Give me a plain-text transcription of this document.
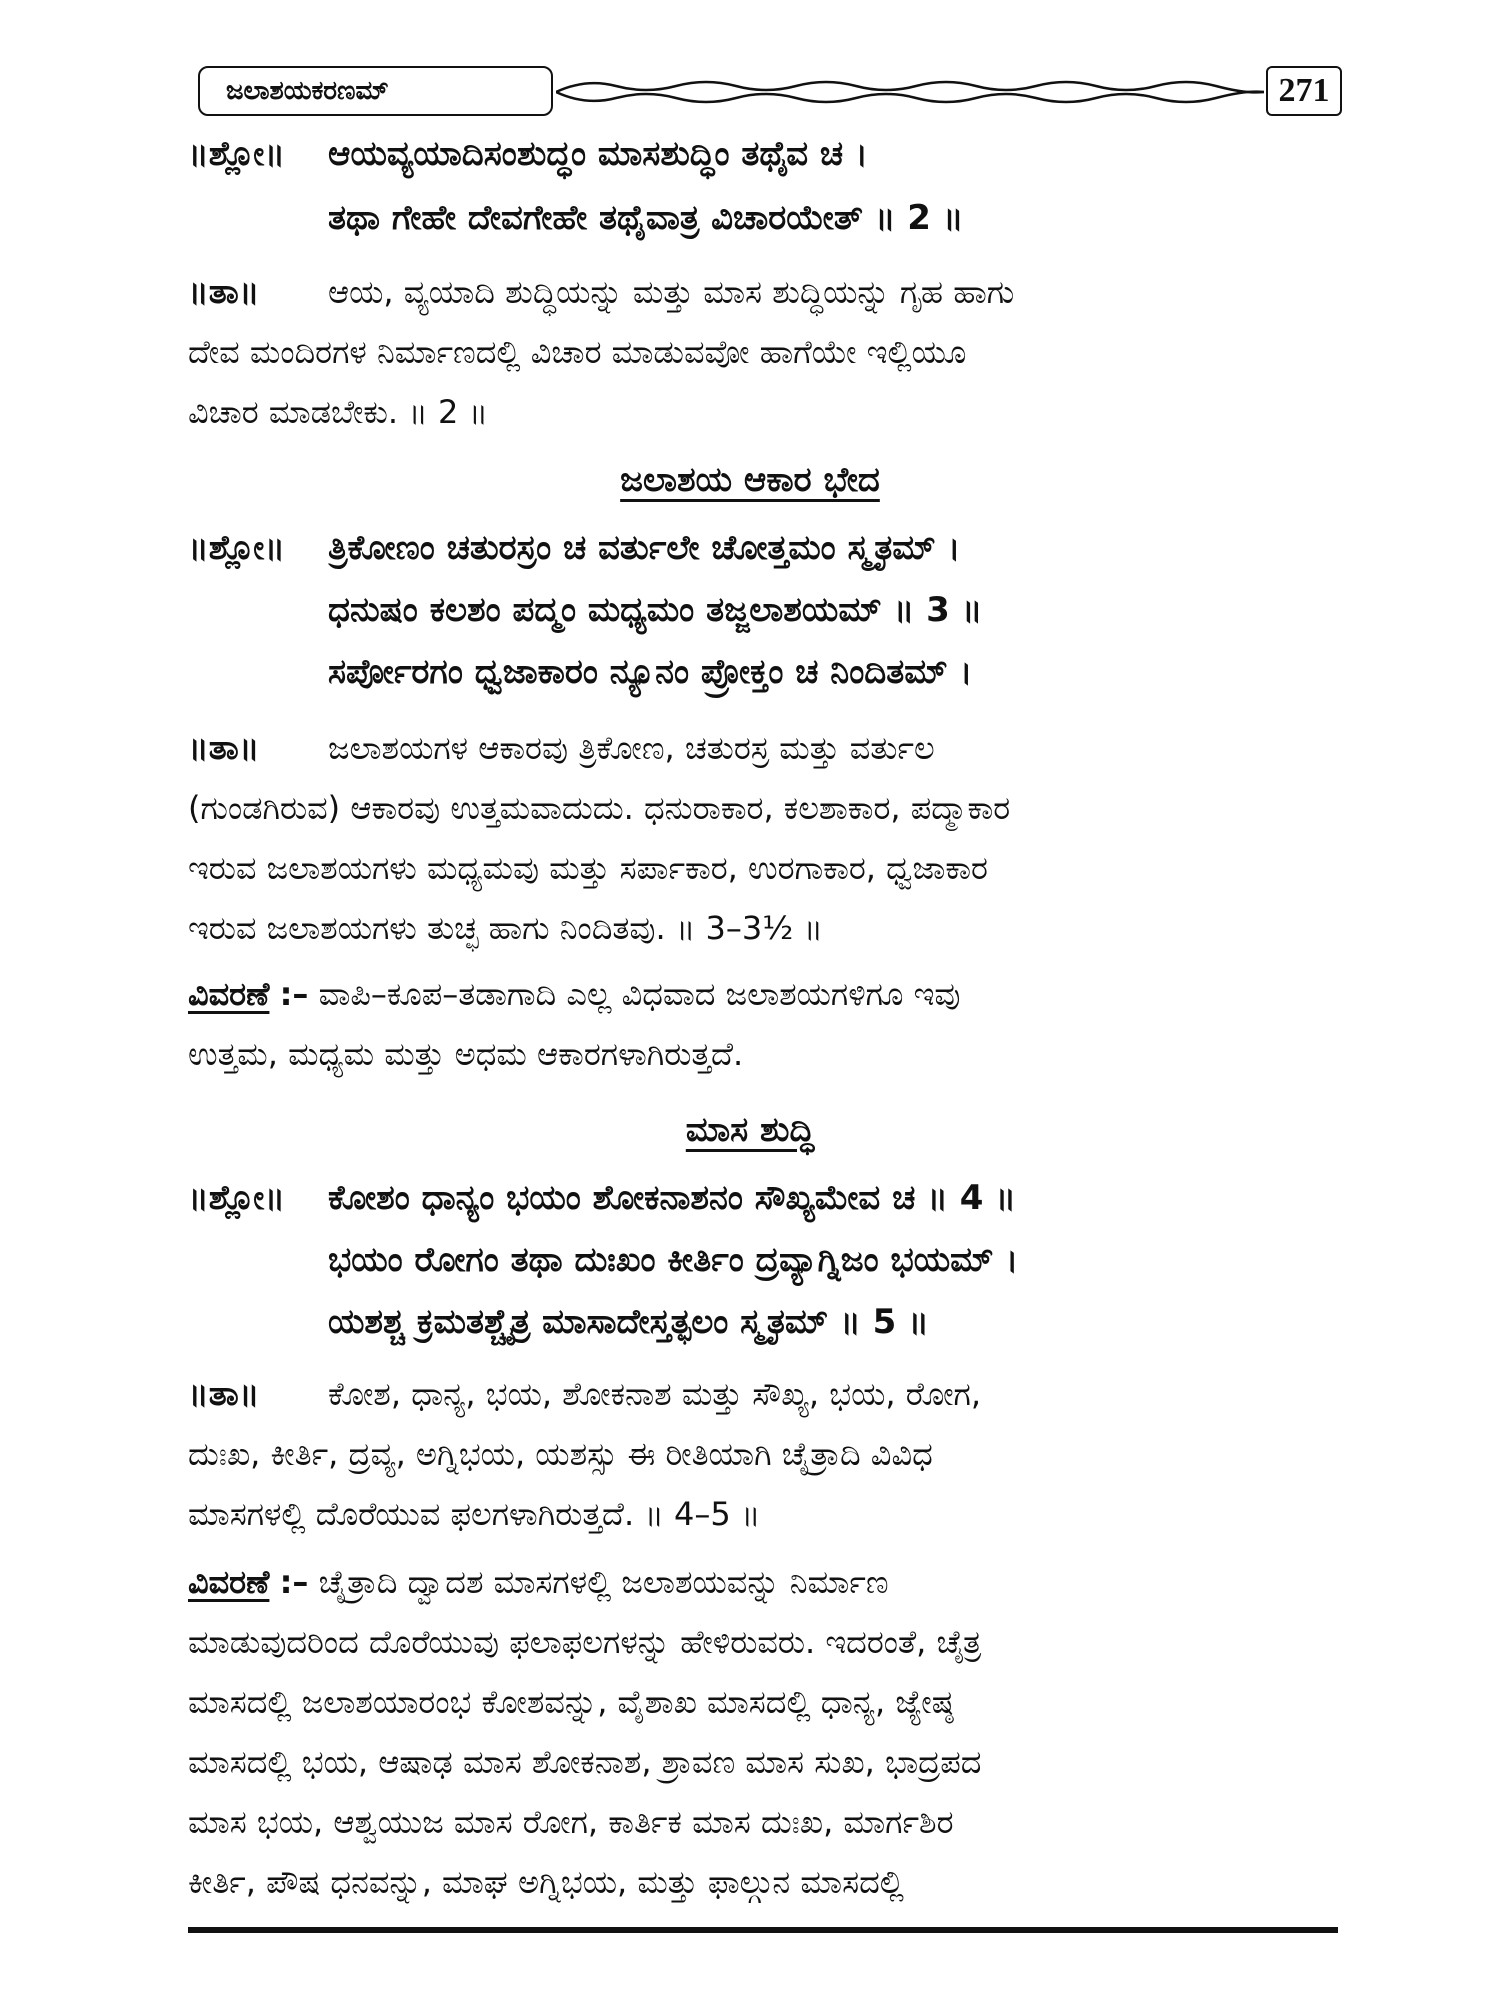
ಜಲಾಶಯಕರಣಮ್	271
॥ಶ್ಲೋ॥ ಆಯವ್ಯಯಾದಿಸಂಶುದ್ಧಂ ಮಾಸಶುದ್ಧಿಂ ತಥೈವ ಚ ।
ತಥಾ ಗೇಹೇ ದೇವಗೇಹೇ ತಥೈವಾತ್ರ ವಿಚಾರಯೇತ್ ॥ 2 ॥
॥ತಾ॥ ಆಯ, ವ್ಯಯಾದಿ ಶುದ್ಧಿಯನ್ನು ಮತ್ತು ಮಾಸ ಶುದ್ಧಿಯನ್ನು ಗೃಹ ಹಾಗು
ದೇವ ಮಂದಿರಗಳ ನಿರ್ಮಾಣದಲ್ಲಿ ವಿಚಾರ ಮಾಡುವವೋ ಹಾಗೆಯೇ ಇಲ್ಲಿಯೂ
ವಿಚಾರ ಮಾಡಬೇಕು. ॥ 2 ॥
ಜಲಾಶಯ ಆಕಾರ ಭೇದ
॥ಶ್ಲೋ॥ ತ್ರಿಕೋಣಂ ಚತುರಸ್ರಂ ಚ ವರ್ತುಲೇ ಚೋತ್ತಮಂ ಸ್ಮೃತಮ್ ।
ಧನುಷಂ ಕಲಶಂ ಪದ್ಮಂ ಮಧ್ಯಮಂ ತಜ್ಜಲಾಶಯಮ್ ॥ 3 ॥
ಸರ್ಪೋರಗಂ ಧ್ವಜಾಕಾರಂ ನ್ಯೂನಂ ಪ್ರೋಕ್ತಂ ಚ ನಿಂದಿತಮ್ ।
॥ತಾ॥ ಜಲಾಶಯಗಳ ಆಕಾರವು ತ್ರಿಕೋಣ, ಚತುರಸ್ರ ಮತ್ತು ವರ್ತುಲ
(ಗುಂಡಗಿರುವ) ಆಕಾರವು ಉತ್ತಮವಾದುದು. ಧನುರಾಕಾರ, ಕಲಶಾಕಾರ, ಪದ್ಮಾಕಾರ
ಇರುವ ಜಲಾಶಯಗಳು ಮಧ್ಯಮವು ಮತ್ತು ಸರ್ಪಾಕಾರ, ಉರಗಾಕಾರ, ಧ್ವಜಾಕಾರ
ಇರುವ ಜಲಾಶಯಗಳು ತುಚ್ಛ ಹಾಗು ನಿಂದಿತವು. ॥ 3–3½ ॥
ವಿವರಣೆ :– ವಾಪಿ–ಕೂಪ–ತಡಾಗಾದಿ ಎಲ್ಲ ವಿಧವಾದ ಜಲಾಶಯಗಳಿಗೂ ಇವು
ಉತ್ತಮ, ಮಧ್ಯಮ ಮತ್ತು ಅಧಮ ಆಕಾರಗಳಾಗಿರುತ್ತದೆ.
ಮಾಸ ಶುದ್ಧಿ
॥ಶ್ಲೋ॥ ಕೋಶಂ ಧಾನ್ಯಂ ಭಯಂ ಶೋಕನಾಶನಂ ಸೌಖ್ಯಮೇವ ಚ ॥ 4 ॥
ಭಯಂ ರೋಗಂ ತಥಾ ದುಃಖಂ ಕೀರ್ತಿಂ ದ್ರವ್ಯಾಗ್ನಿಜಂ ಭಯಮ್ ।
ಯಶಶ್ಚ ಕ್ರಮತಶ್ಚೈತ್ರ ಮಾಸಾದೇಸ್ತತ್ಫಲಂ ಸ್ಮೃತಮ್ ॥ 5 ॥
॥ತಾ॥ ಕೋಶ, ಧಾನ್ಯ, ಭಯ, ಶೋಕನಾಶ ಮತ್ತು ಸೌಖ್ಯ, ಭಯ, ರೋಗ,
ದುಃಖ, ಕೀರ್ತಿ, ದ್ರವ್ಯ, ಅಗ್ನಿಭಯ, ಯಶಸ್ಸು ಈ ರೀತಿಯಾಗಿ ಚೈತ್ರಾದಿ ವಿವಿಧ
ಮಾಸಗಳಲ್ಲಿ ದೊರೆಯುವ ಫಲಗಳಾಗಿರುತ್ತದೆ. ॥ 4–5 ॥
ವಿವರಣೆ :– ಚೈತ್ರಾದಿ ದ್ವಾದಶ ಮಾಸಗಳಲ್ಲಿ ಜಲಾಶಯವನ್ನು ನಿರ್ಮಾಣ
ಮಾಡುವುದರಿಂದ ದೊರೆಯುವು ಫಲಾಫಲಗಳನ್ನು ಹೇಳಿರುವರು. ಇದರಂತೆ, ಚೈತ್ರ
ಮಾಸದಲ್ಲಿ ಜಲಾಶಯಾರಂಭ ಕೋಶವನ್ನು, ವೈಶಾಖ ಮಾಸದಲ್ಲಿ ಧಾನ್ಯ, ಜ್ಯೇಷ್ಠ
ಮಾಸದಲ್ಲಿ ಭಯ, ಆಷಾಢ ಮಾಸ ಶೋಕನಾಶ, ಶ್ರಾವಣ ಮಾಸ ಸುಖ, ಭಾದ್ರಪದ
ಮಾಸ ಭಯ, ಆಶ್ವಯುಜ ಮಾಸ ರೋಗ, ಕಾರ್ತಿಕ ಮಾಸ ದುಃಖ, ಮಾರ್ಗಶಿರ
ಕೀರ್ತಿ, ಪೌಷ ಧನವನ್ನು, ಮಾಘ ಅಗ್ನಿಭಯ, ಮತ್ತು ಫಾಲ್ಗುನ ಮಾಸದಲ್ಲಿ
